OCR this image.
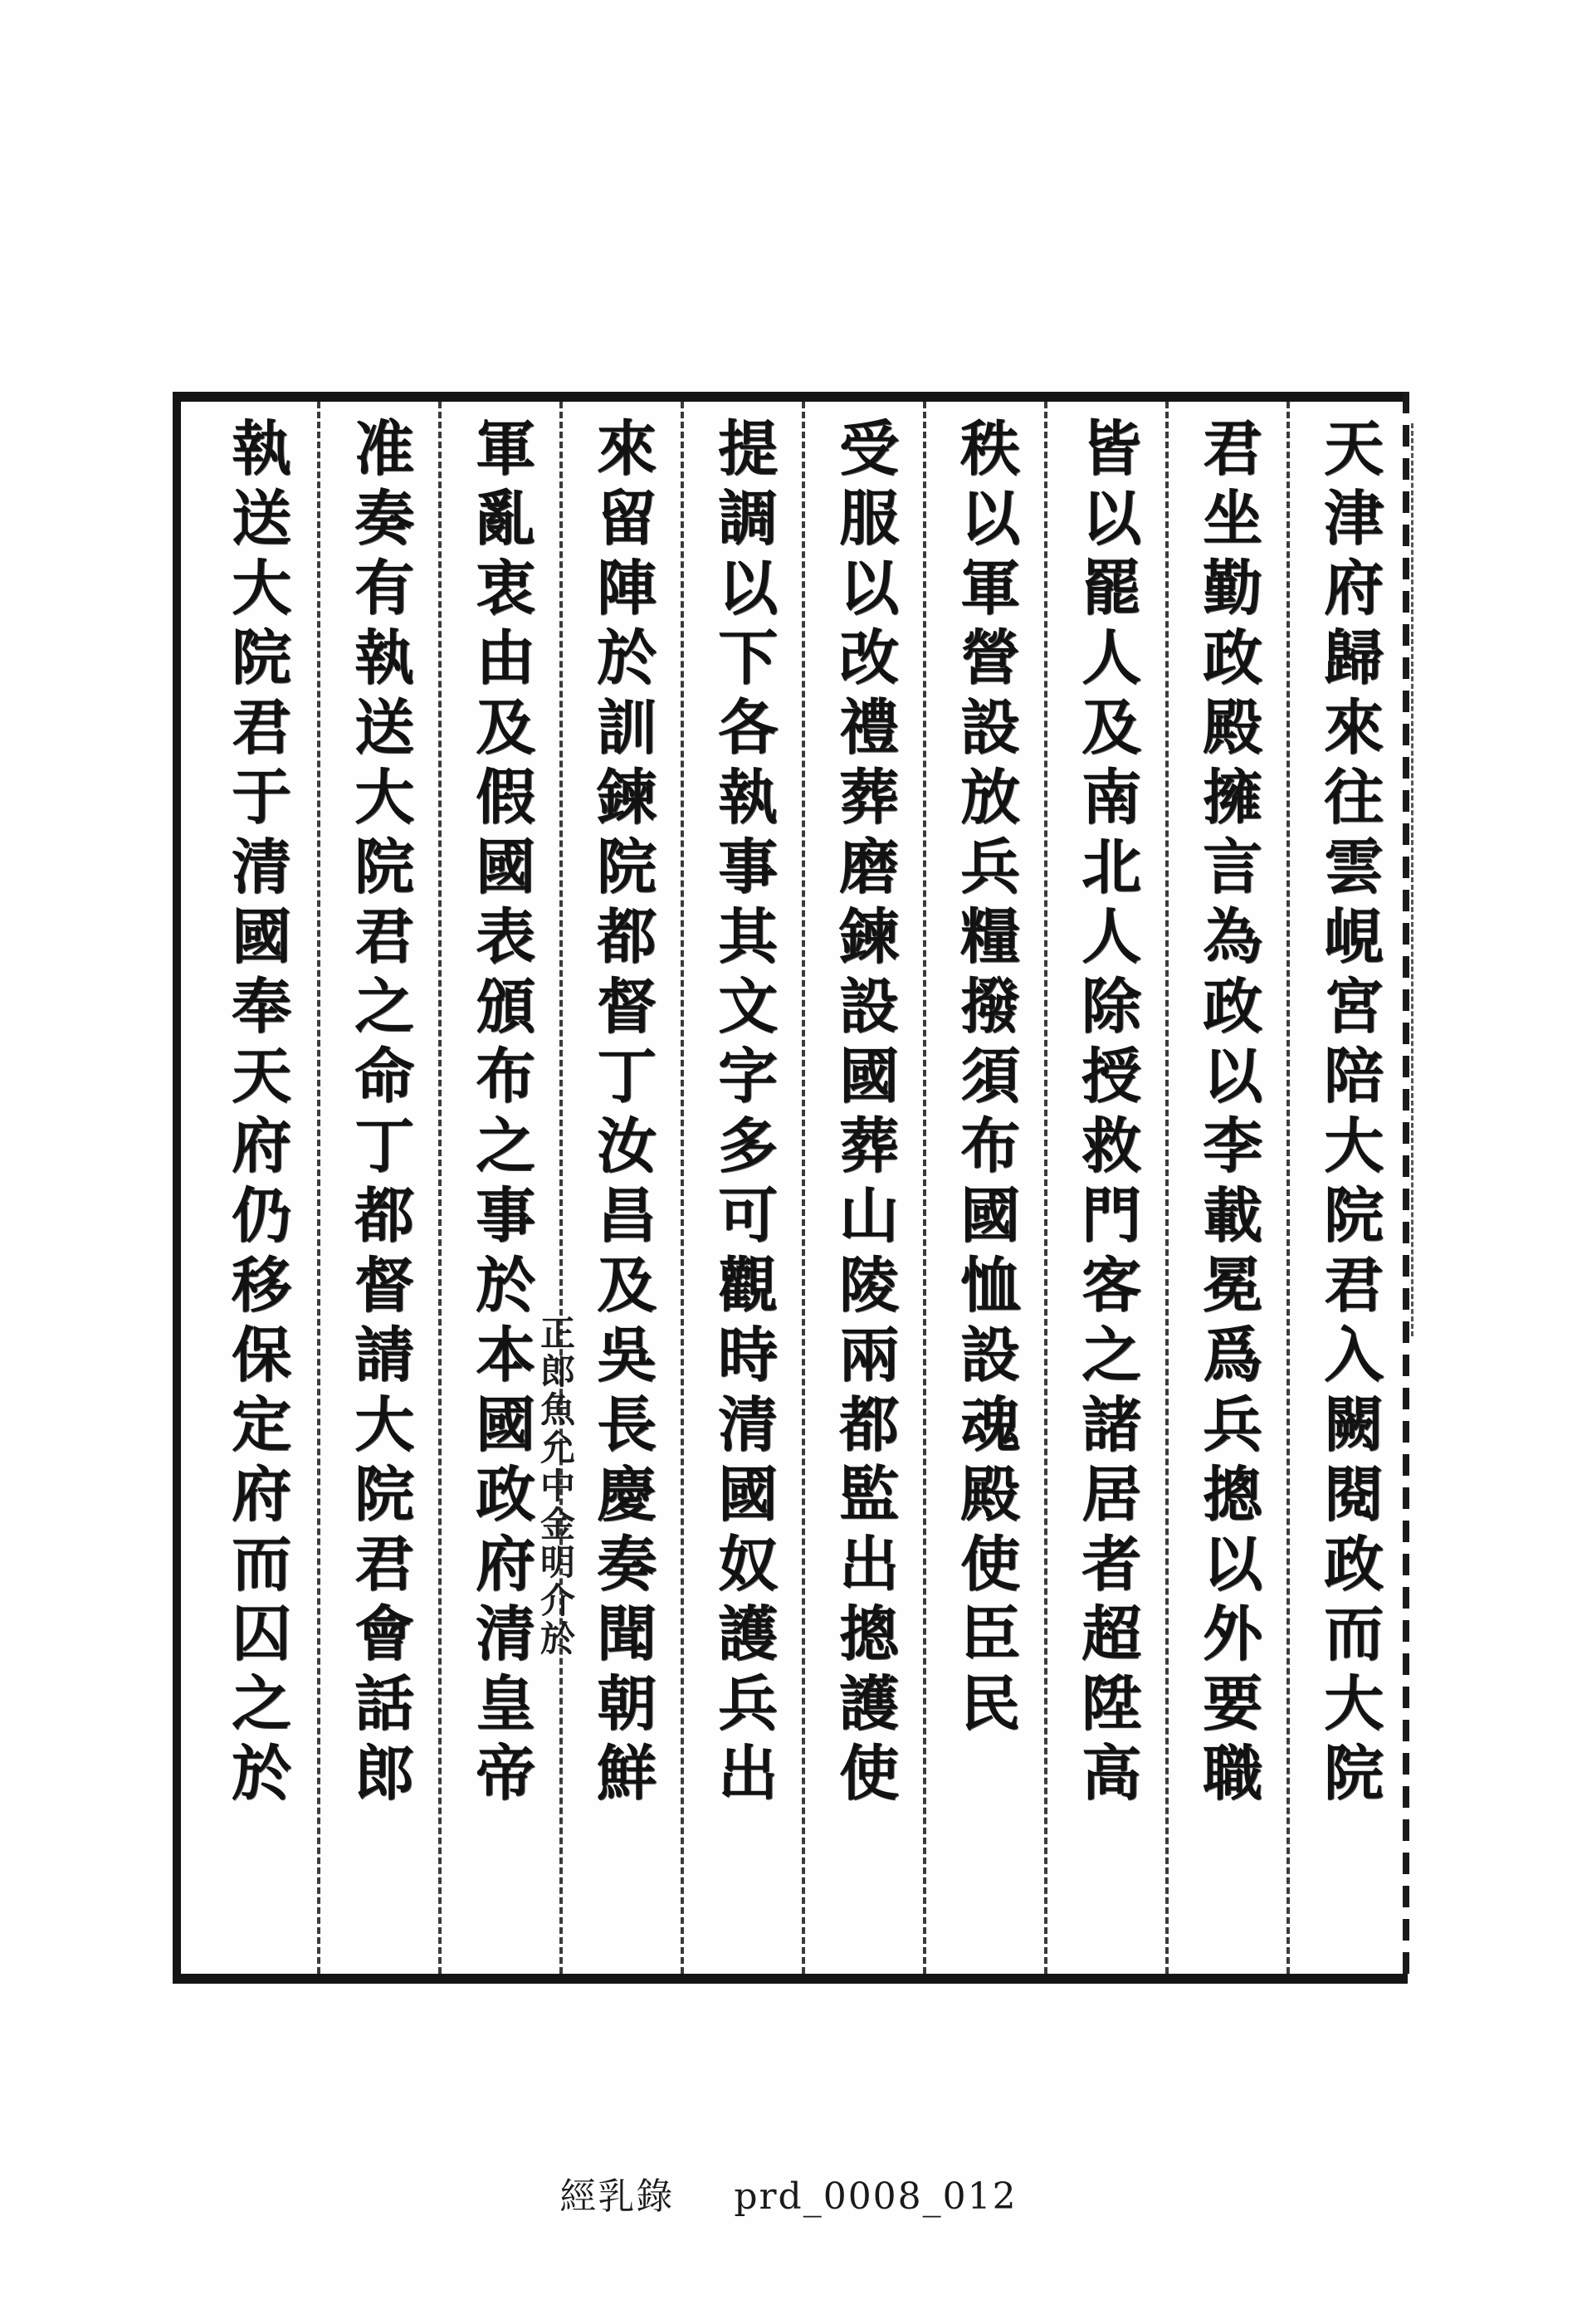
天津府歸來往雲峴宮陪大院君入闕閱政而大院
君坐勤政殿擁言為政以李載冕爲兵摠以外要職
皆以罷人及南北人除授救門客之諸居者超陞高
秩以軍營設放兵糧撥須布國恤設魂殿使臣民
受服以改禮葬磨鍊設國葬山陵兩都監出摠護使
提調以下各執事其文字多可觀時清國奴護兵出
來留陣於訓鍊院都督丁汝昌及吳長慶奏聞朝鮮
正郎魚允中金明介於
軍亂衷由及假國表頒布之事於本國政府清皇帝
准奏有執送大院君之命丁都督請大院君會話郎
執送大院君于清國奉天府仍移保定府而囚之於
經乳錄 prd_0008_012
